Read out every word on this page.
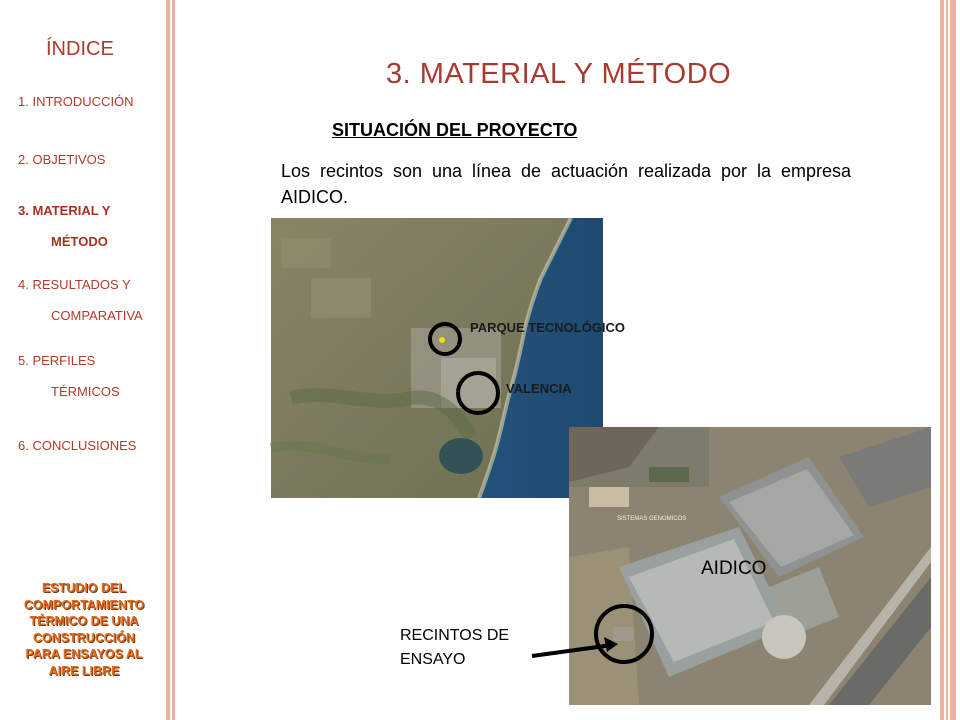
ÍNDICE
1. INTRODUCCIÓN
2. OBJETIVOS
3. MATERIAL Y
MÉTODO
4. RESULTADOS Y
COMPARATIVA
5. PERFILES
TÉRMICOS
6. CONCLUSIONES
ESTUDIO DEL
COMPORTAMIENTO
TÉRMICO DE UNA
CONSTRUCCIÓN
PARA ENSAYOS AL
AIRE LIBRE
3. MATERIAL Y MÉTODO
SITUACIÓN DEL PROYECTO
Los recintos son una línea de actuación realizada por la empresa AIDICO.
PARQUE TECNOLÓGICO
VALENCIA
AIDICO
SISTEMAS GENOMICOS
RECINTOS DE
ENSAYO
